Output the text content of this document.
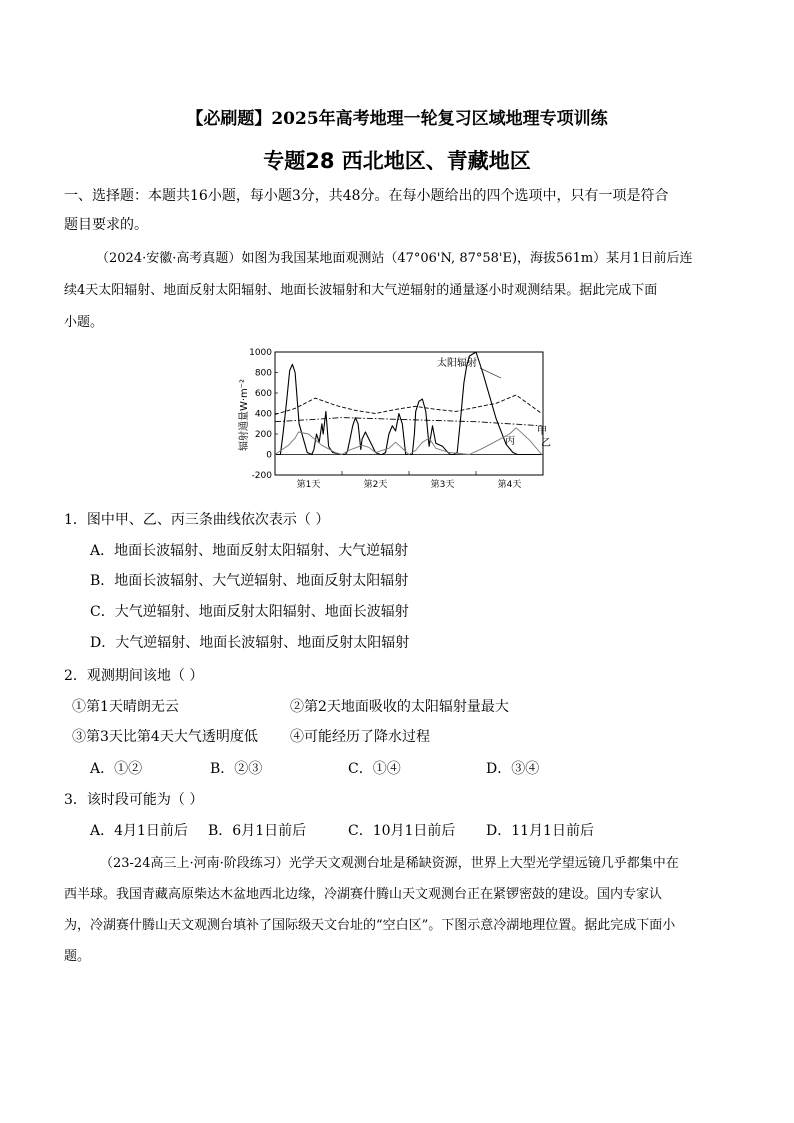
【必刷题】2025年高考地理一轮复习区域地理专项训练
专题28 西北地区、青藏地区
一、选择题：本题共16小题，每小题3分，共48分。在每小题给出的四个选项中，只有一项是符合
题目要求的。
（2024·安徽·高考真题）如图为我国某地面观测站（47°06'N, 87°58'E)，海拔561m）某月1日前后连
续4天太阳辐射、地面反射太阳辐射、地面长波辐射和大气逆辐射的通量逐小时观测结果。据此完成下面
小题。
1000
800
600
400
200
0
-200
第1天	第2天	第3天	第4天
辐射通量W·m⁻²
太阳辐射
甲
乙
丙
1．图中甲、乙、丙三条曲线依次表示（ ）
A．地面长波辐射、地面反射太阳辐射、大气逆辐射
B．地面长波辐射、大气逆辐射、地面反射太阳辐射
C．大气逆辐射、地面反射太阳辐射、地面长波辐射
D．大气逆辐射、地面长波辐射、地面反射太阳辐射
2．观测期间该地（ ）
①第1天晴朗无云	②第2天地面吸收的太阳辐射量最大
③第3天比第4天大气透明度低 ④可能经历了降水过程
A．①②	B．②③	C．①④	D．③④
3．该时段可能为（ ）
A．4月1日前后 B．6月1日前后	C．10月1日前后 D．11月1日前后
（23-24高三上·河南·阶段练习）光学天文观测台址是稀缺资源，世界上大型光学望远镜几乎都集中在
西半球。我国青藏高原柴达木盆地西北边缘，冷湖赛什腾山天文观测台正在紧锣密鼓的建设。国内专家认
为，冷湖赛什腾山天文观测台填补了国际级天文台址的“空白区”。下图示意冷湖地理位置。据此完成下面小
题。
